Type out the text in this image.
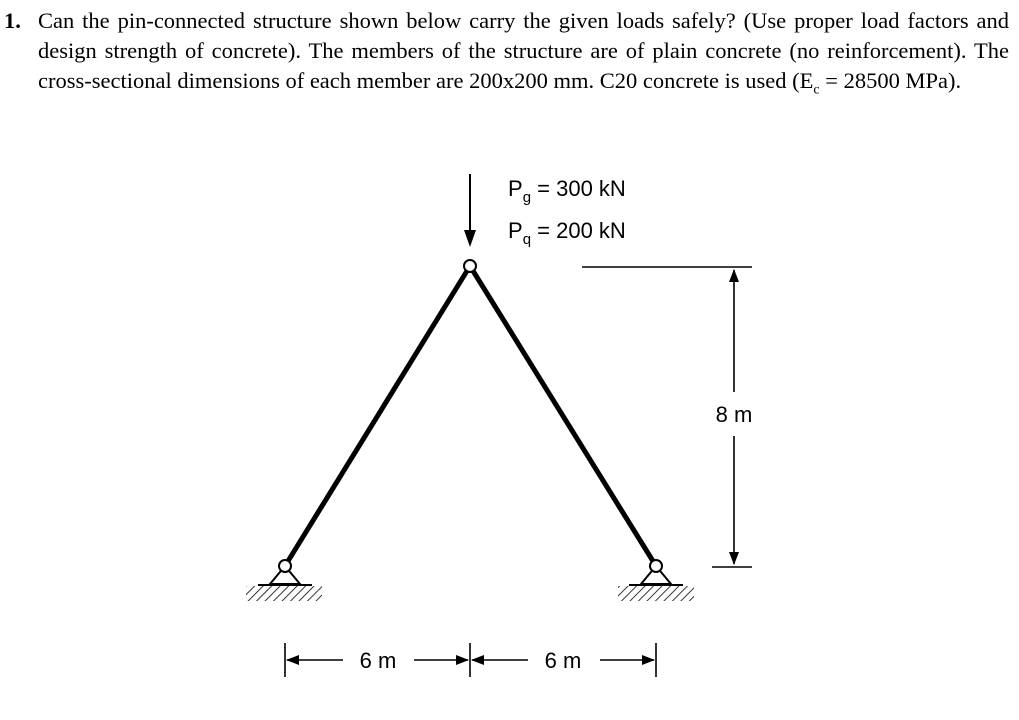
1. Can the pin-connected structure shown below carry the given loads safely? (Use proper load factors and design strength of concrete). The members of the structure are of plain concrete (no reinforcement). The cross-sectional dimensions of each member are 200x200 mm. C20 concrete is used ($E_c = 28500$ MPa).
$P_g = 300$ kN
$P_q = 200$ kN
8 m
6 m	6 m
